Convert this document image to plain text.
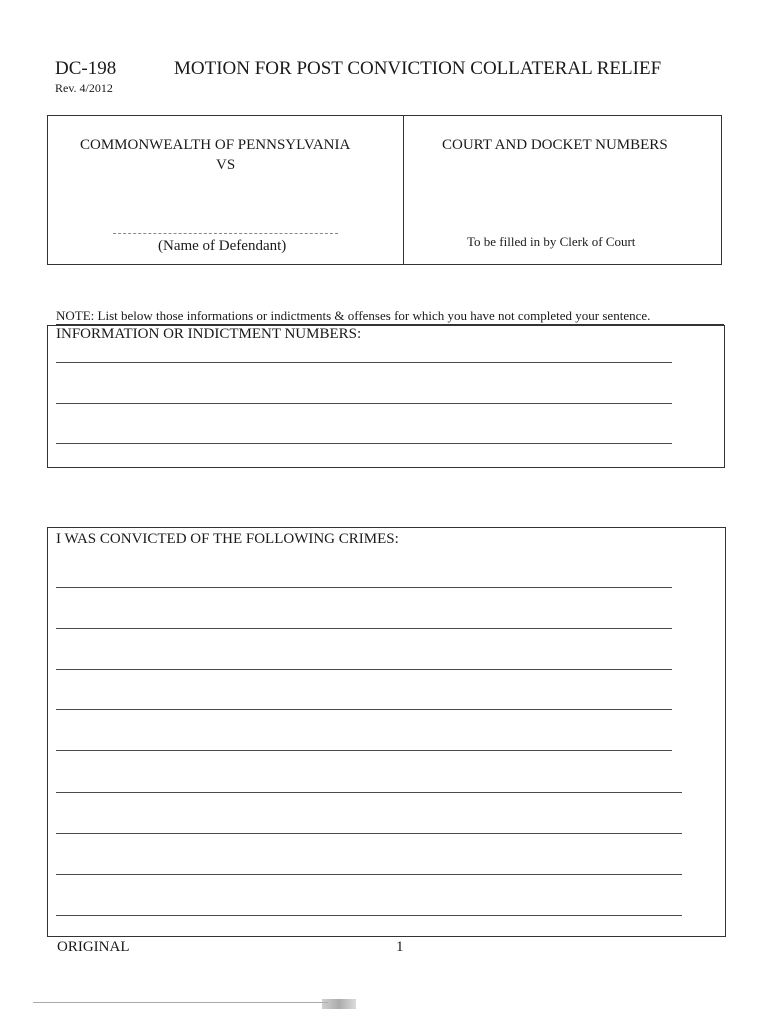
DC-198
Rev. 4/2012
MOTION FOR POST CONVICTION COLLATERAL RELIEF
COMMONWEALTH OF PENNSYLVANIA
VS
(Name of Defendant)
COURT AND DOCKET NUMBERS
To be filled in by Clerk of Court
NOTE: List below those informations or indictments & offenses for which you have not completed your sentence.
INFORMATION OR INDICTMENT NUMBERS:
I WAS CONVICTED OF THE FOLLOWING CRIMES:
ORIGINAL	1
